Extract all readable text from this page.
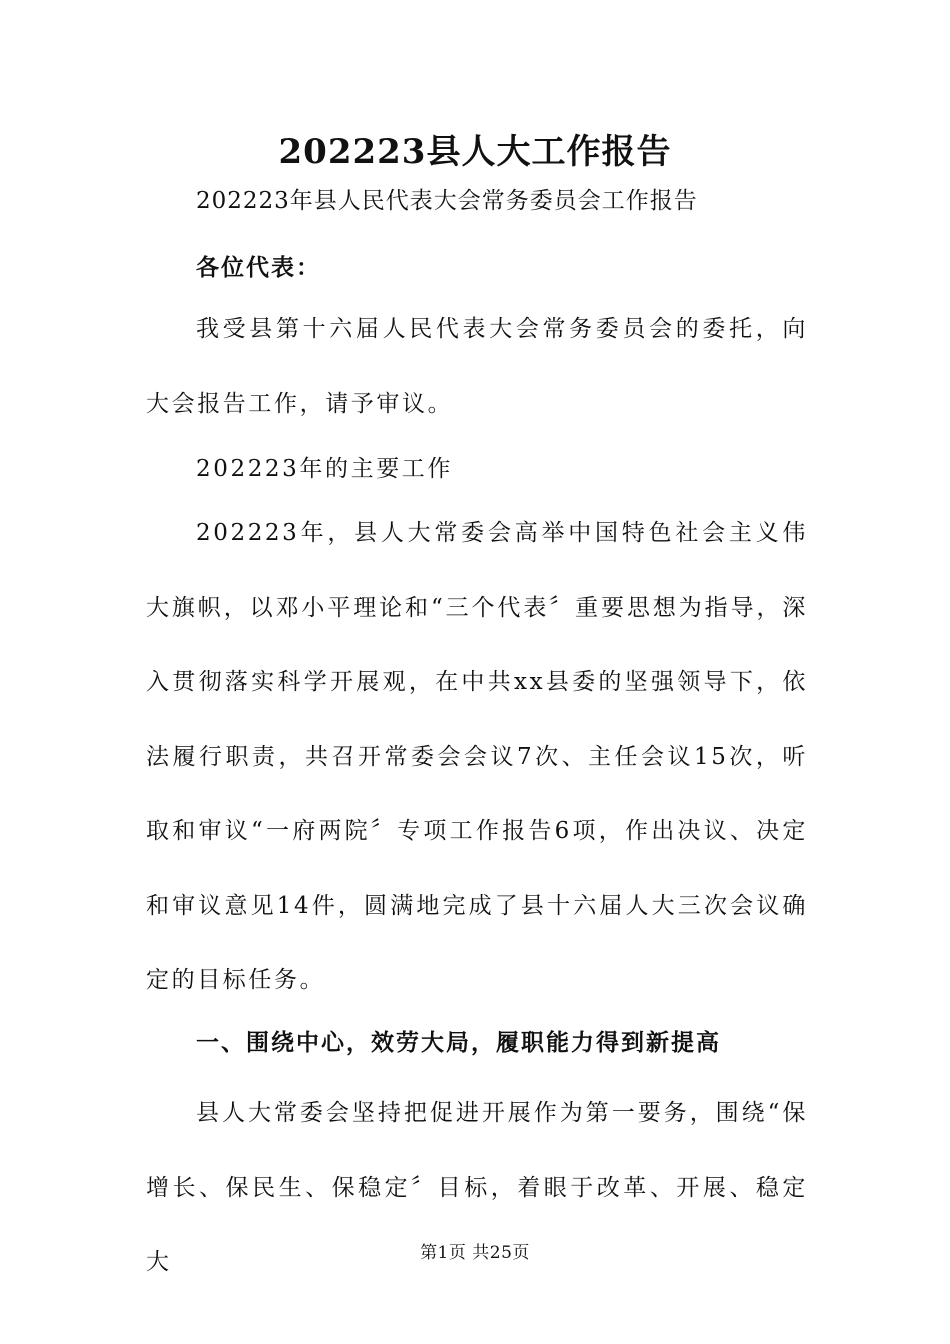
202223县人大工作报告
202223年县人民代表大会常务委员会工作报告
各位代表：

我受县第十六届人民代表大会常务委员会的委托，向大会报告工作，请予审议。

202223年的主要工作

202223年，县人大常委会高举中国特色社会主义伟大旗帜，以邓小平理论和“三个代表〞重要思想为指导，深入贯彻落实科学开展观，在中共xx县委的坚强领导下，依法履行职责，共召开常委会会议7次、主任会议15次，听取和审议“一府两院〞专项工作报告6项，作出决议、决定和审议意见14件，圆满地完成了县十六届人大三次会议确定的目标任务。

一、围绕中心，效劳大局，履职能力得到新提高

县人大常委会坚持把促进开展作为第一要务，围绕“保增长、保民生、保稳定〞目标，着眼于改革、开展、稳定大	第1页 共25页
